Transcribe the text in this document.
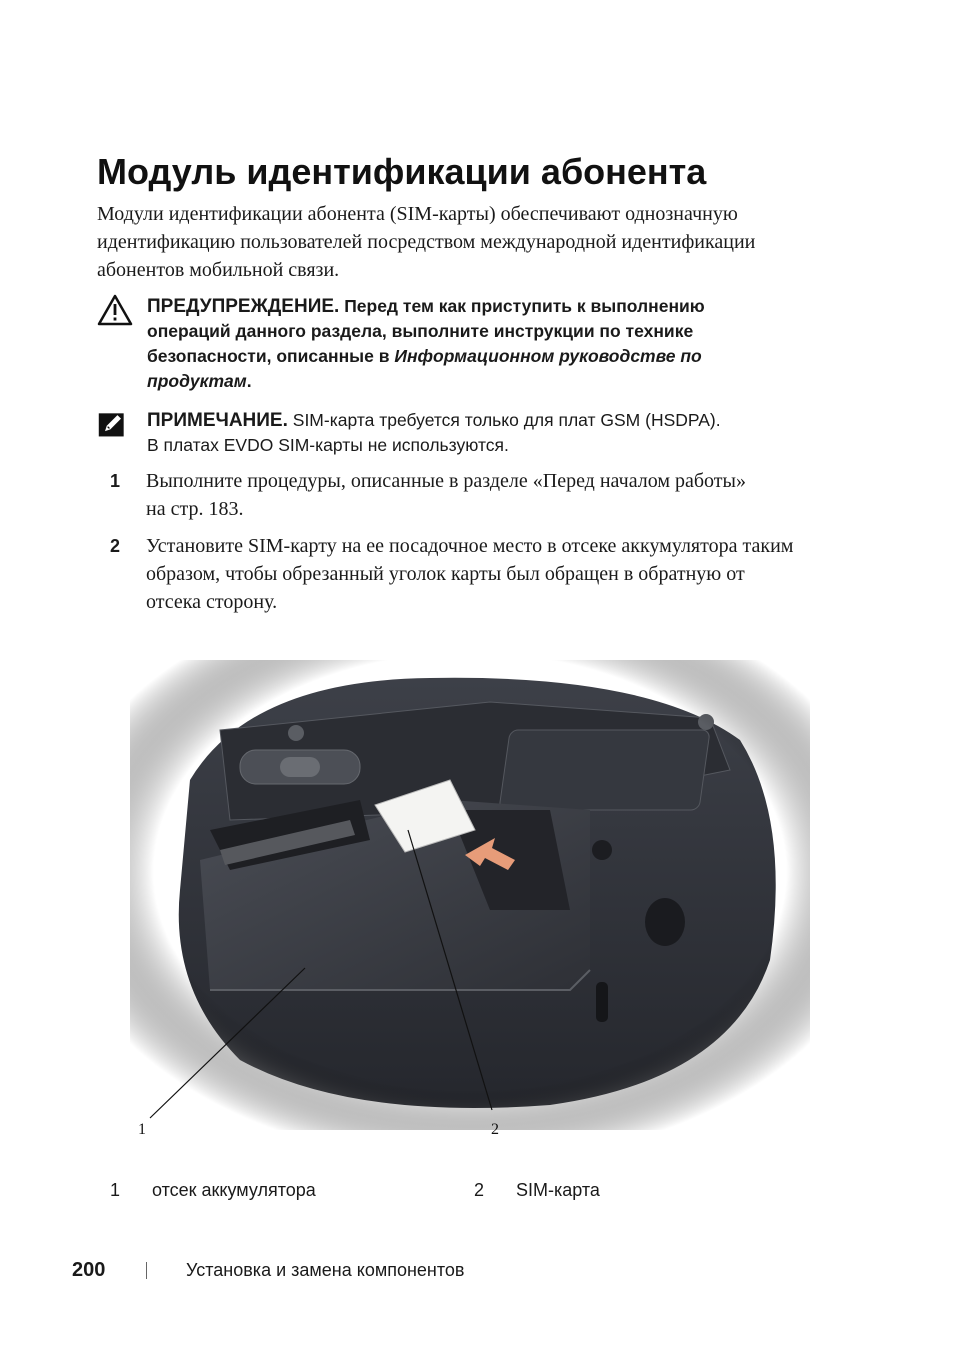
Модуль идентификации абонента
Модули идентификации абонента (SIM-карты) обеспечивают однозначную
идентификацию пользователей посредством международной идентификации
абонентов мобильной связи.
ПРЕДУПРЕЖДЕНИЕ. Перед тем как приступить к выполнению
операций данного раздела, выполните инструкции по технике
безопасности, описанные в Информационном руководстве по
продуктам.
ПРИМЕЧАНИЕ. SIM-карта требуется только для плат GSM (HSDPA).
В платах EVDO SIM-карты не используются.
1 Выполните процедуры, описанные в разделе «Перед началом работы»
на стр. 183.
2 Установите SIM-карту на ее посадочное место в отсеке аккумулятора таким
образом, чтобы обрезанный уголок карты был обращен в обратную от
отсека сторону.
1	2
1 отсек аккумулятора	2 SIM-карта
200	Установка и замена компонентов
